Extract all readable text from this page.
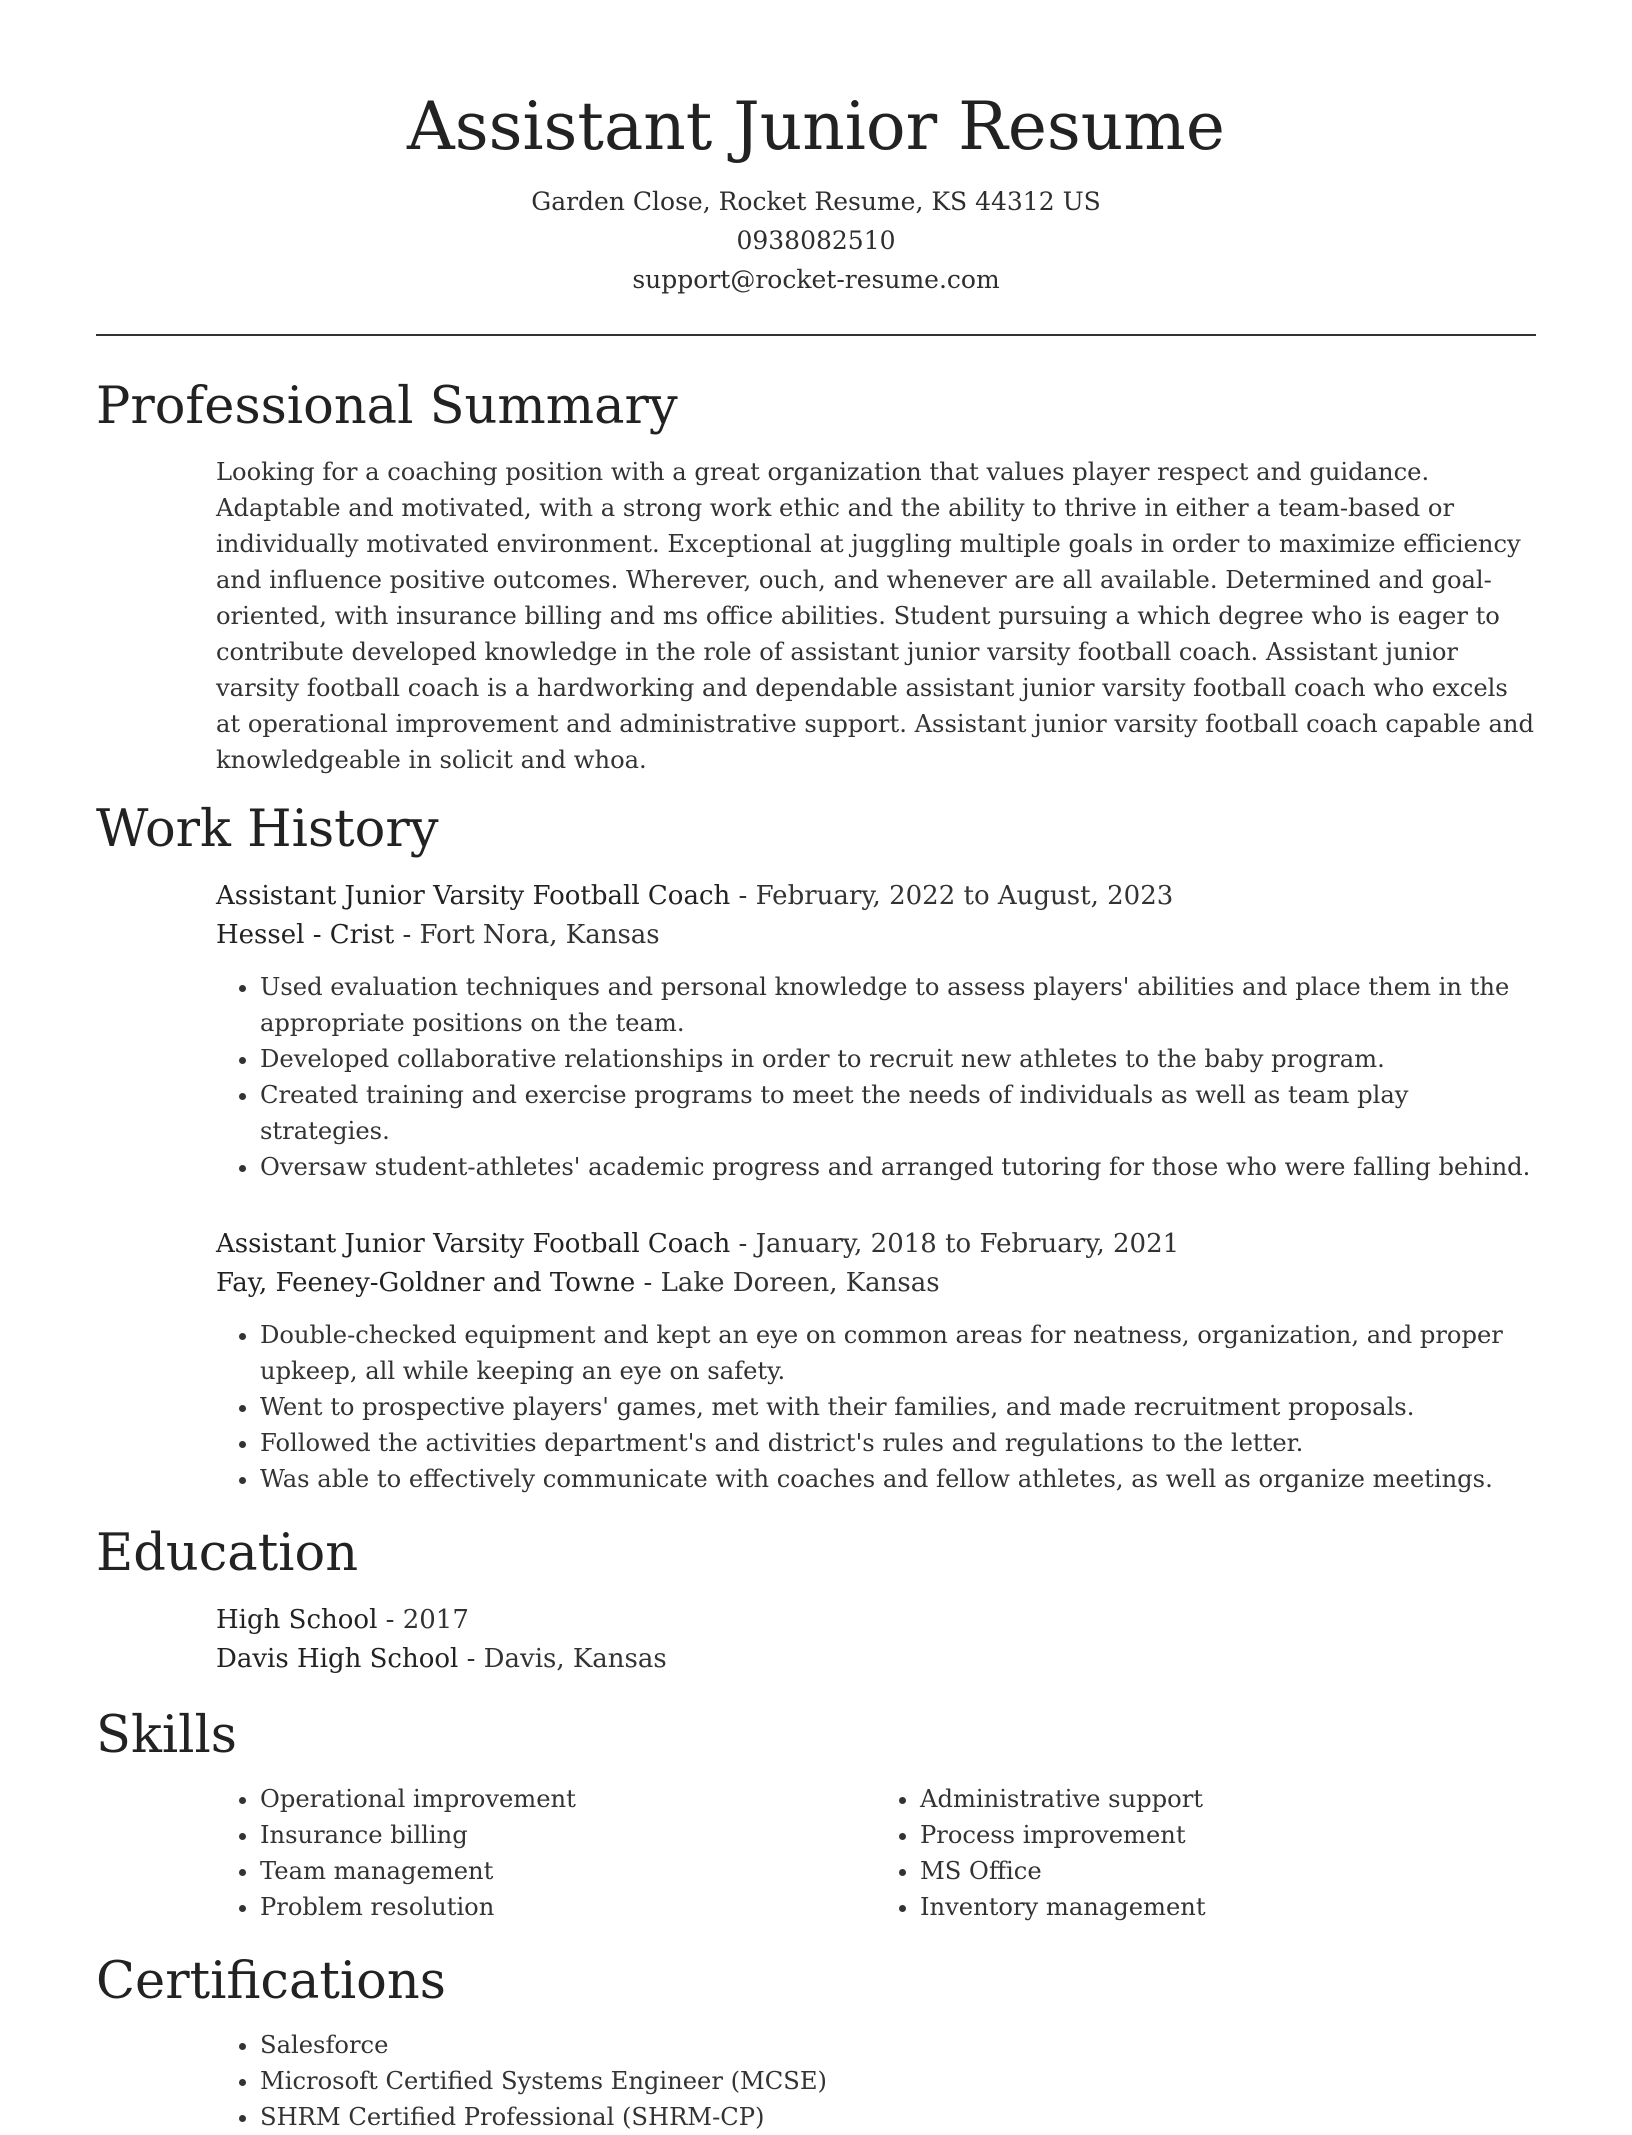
Assistant Junior Resume
Garden Close, Rocket Resume, KS 44312 US
0938082510
support@rocket-resume.com
Professional Summary
Looking for a coaching position with a great organization that values player respect and guidance. Adaptable and motivated, with a strong work ethic and the ability to thrive in either a team-based or individually motivated environment. Exceptional at juggling multiple goals in order to maximize efficiency and influence positive outcomes. Wherever, ouch, and whenever are all available. Determined and goal-oriented, with insurance billing and ms office abilities. Student pursuing a which degree who is eager to contribute developed knowledge in the role of assistant junior varsity football coach. Assistant junior varsity football coach is a hardworking and dependable assistant junior varsity football coach who excels at operational improvement and administrative support. Assistant junior varsity football coach capable and knowledgeable in solicit and whoa.
Work History
Assistant Junior Varsity Football Coach - February, 2022 to August, 2023
Hessel - Crist - Fort Nora, Kansas
• Used evaluation techniques and personal knowledge to assess players' abilities and place them in the appropriate positions on the team.
• Developed collaborative relationships in order to recruit new athletes to the baby program.
• Created training and exercise programs to meet the needs of individuals as well as team play strategies.
• Oversaw student-athletes' academic progress and arranged tutoring for those who were falling behind.
Assistant Junior Varsity Football Coach - January, 2018 to February, 2021
Fay, Feeney-Goldner and Towne - Lake Doreen, Kansas
• Double-checked equipment and kept an eye on common areas for neatness, organization, and proper upkeep, all while keeping an eye on safety.
• Went to prospective players' games, met with their families, and made recruitment proposals.
• Followed the activities department's and district's rules and regulations to the letter.
• Was able to effectively communicate with coaches and fellow athletes, as well as organize meetings.
Education
High School - 2017
Davis High School - Davis, Kansas
Skills
• Operational improvement
• Insurance billing
• Team management
• Problem resolution
• Administrative support
• Process improvement
• MS Office
• Inventory management
Certifications
• Salesforce
• Microsoft Certified Systems Engineer (MCSE)
• SHRM Certified Professional (SHRM-CP)
